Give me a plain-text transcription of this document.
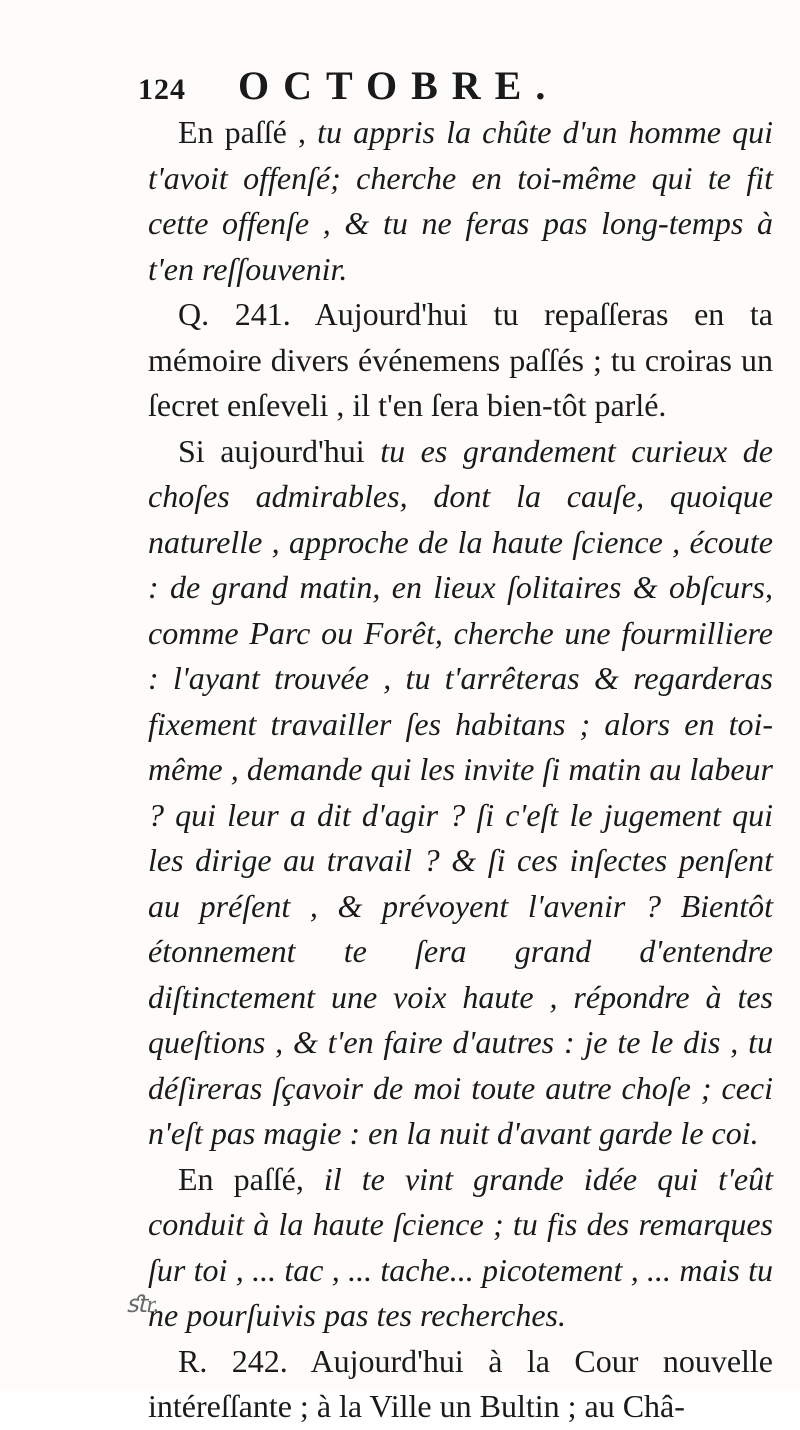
124 OCTOBRE.

En paſſé , tu appris la chûte d'un homme qui t'avoit offenſé; cherche en toi-même qui te fit cette offenſe , & tu ne feras pas long-temps à t'en reſſouvenir.

Q. 241. Aujourd'hui tu repaſſeras en ta mémoire divers événemens paſſés ; tu croiras un ſecret enſeveli , il t'en ſera bien-tôt parlé.

Si aujourd'hui tu es grandement curieux de choſes admirables, dont la cauſe, quoique naturelle , approche de la haute ſcience , écoute : de grand matin, en lieux ſolitaires & obſcurs, comme Parc ou Forêt, cherche une fourmilliere : l'ayant trouvée , tu t'arrêteras & regarderas fixement travailler ſes habitans ; alors en toi-même , demande qui les invite ſi matin au labeur ? qui leur a dit d'agir ? ſi c'eſt le jugement qui les dirige au travail ? & ſi ces inſectes penſent au préſent , & prévoyent l'avenir ? Bientôt étonnement te ſera grand d'entendre diſtinctement une voix haute , répondre à tes queſtions , & t'en faire d'autres : je te le dis , tu déſireras ſçavoir de moi toute autre choſe ; ceci n'eſt pas magie : en la nuit d'avant garde le coi.

En paſſé, il te vint grande idée qui t'eût conduit à la haute ſcience ; tu fis des remarques ſur toi , ... tac , ... tache... picotement , ... mais tu ne pourſuivis pas tes recherches.

R. 242. Aujourd'hui à la Cour nouvelle intéreſſante ; à la Ville un Bultin ; au Châ-

ﬆr.
